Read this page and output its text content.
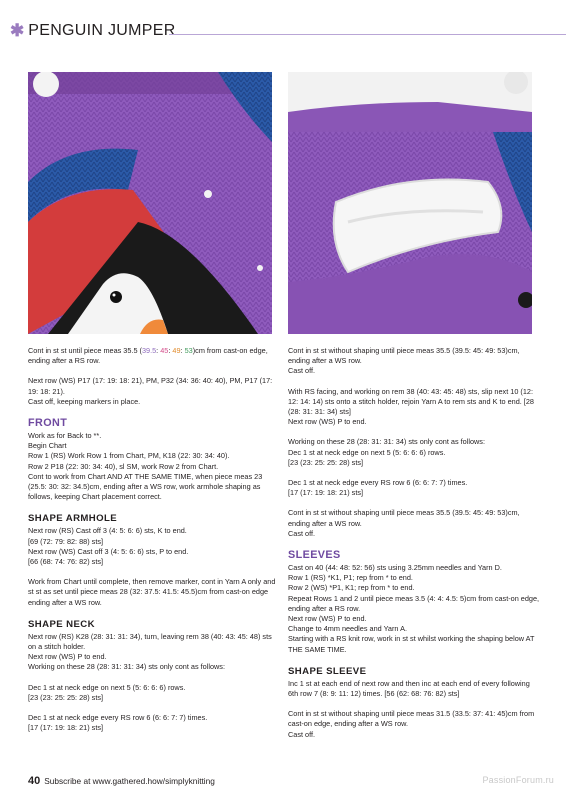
✱ PENGUIN JUMPER
Cont in st st until piece meas 35.5 (39.5: 45: 49: 53)cm from cast-on edge, ending after a RS row.
Next row (WS) P17 (17: 19: 18: 21), PM, P32 (34: 36: 40: 40), PM, P17 (17: 19: 18: 21).
Cast off, keeping markers in place.
FRONT
Work as for Back to **.
Begin Chart
Row 1 (RS) Work Row 1 from Chart, PM, K18 (22: 30: 34: 40).
Row 2 P18 (22: 30: 34: 40), sl SM, work Row 2 from Chart.
Cont to work from Chart AND AT THE SAME TIME, when piece meas 23 (25.5: 30: 32: 34.5)cm, ending after a WS row, work armhole shaping as follows, keeping Chart placement correct.
SHAPE ARMHOLE
Next row (RS) Cast off 3 (4: 5: 6: 6) sts, K to end.
[69 (72: 79: 82: 88) sts]
Next row (WS) Cast off 3 (4: 5: 6: 6) sts, P to end.
[66 (68: 74: 76: 82) sts]
Work from Chart until complete, then remove marker, cont in Yarn A only and st st as set until piece meas 28 (32: 37.5: 41.5: 45.5)cm from cast-on edge ending after a WS row.
SHAPE NECK
Next row (RS) K28 (28: 31: 31: 34), turn, leaving rem 38 (40: 43: 45: 48) sts on a stitch holder.
Next row (WS) P to end.
Working on these 28 (28: 31: 31: 34) sts only cont as follows:
Dec 1 st at neck edge on next 5 (5: 6: 6: 6) rows.
[23 (23: 25: 25: 28) sts]
Dec 1 st at neck edge every RS row 6 (6: 6: 7: 7) times.
[17 (17: 19: 18: 21) sts]
Cont in st st without shaping until piece meas 35.5 (39.5: 45: 49: 53)cm, ending after a WS row.
Cast off.
With RS facing, and working on rem 38 (40: 43: 45: 48) sts, slip next 10 (12: 12: 14: 14) sts onto a stitch holder, rejoin Yarn A to rem sts and K to end. [28 (28: 31: 31: 34) sts]
Next row (WS) P to end.
Working on these 28 (28: 31: 31: 34) sts only cont as follows:
Dec 1 st at neck edge on next 5 (5: 6: 6: 6) rows.
[23 (23: 25: 25: 28) sts]
Dec 1 st at neck edge every RS row 6 (6: 6: 7: 7) times.
[17 (17: 19: 18: 21) sts]
Cont in st st without shaping until piece meas 35.5 (39.5: 45: 49: 53)cm, ending after a WS row.
Cast off.
SLEEVES
Cast on 40 (44: 48: 52: 56) sts using 3.25mm needles and Yarn D.
Row 1 (RS) *K1, P1; rep from * to end.
Row 2 (WS) *P1, K1; rep from * to end.
Repeat Rows 1 and 2 until piece meas 3.5 (4: 4: 4.5: 5)cm from cast-on edge, ending after a RS row.
Next row (WS) P to end.
Change to 4mm needles and Yarn A.
Starting with a RS knit row, work in st st whilst working the shaping below AT THE SAME TIME.
SHAPE SLEEVE
Inc 1 st at each end of next row and then inc at each end of every following 6th row 7 (8: 9: 11: 12) times. [56 (62: 68: 76: 82) sts]
Cont in st st without shaping until piece meas 31.5 (33.5: 37: 41: 45)cm from cast-on edge, ending after a WS row.
Cast off.
40 Subscribe at www.gathered.how/simplyknitting	PassionForum.ru
